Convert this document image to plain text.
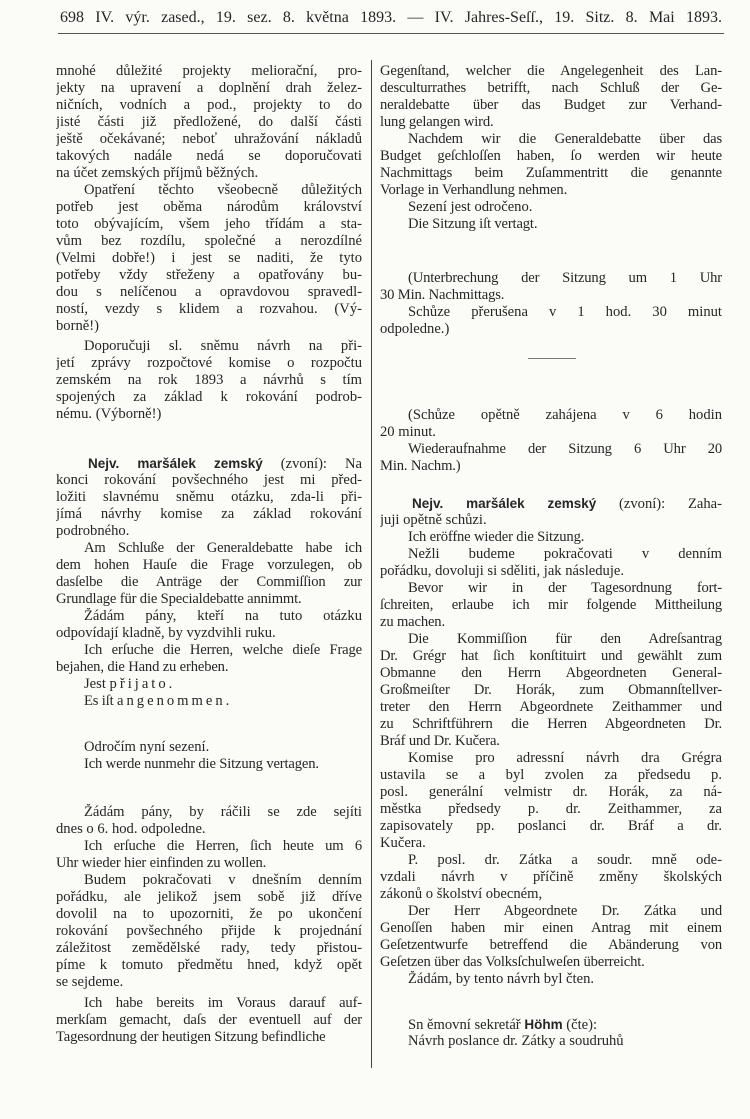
698 IV. výr. zased., 19. sez. 8. května 1893. — IV. Jahres-Seſſ., 19. Sitz. 8. Mai 1893.
mnohé důležité projekty meliorační, pro-
jekty na upravení a doplnění drah želez-
ničních, vodních a pod., projekty to do
jisté části již předložené, do další části
ještě očekávané; neboť uhražování nákladů
takových nadále nedá se doporučovati
na účet zemských příjmů běžných.
Opatření těchto všeobecně důležitých
potřeb jest oběma národům království
toto obývajícím, všem jeho třídám a sta-
vům bez rozdílu, společné a nerozdílné
(Velmi dobře!) i jest se naditi, že tyto
potřeby vždy střeženy a opatřovány bu-
dou s nelíčenou a opravdovou spravedl-
ností, vezdy s klidem a rozvahou. (Vý-
borně!)
Doporučuji sl. sněmu návrh na při-
jetí zprávy rozpočtové komise o rozpočtu
zemském na rok 1893 a návrhů s tím
spojených za základ k rokování podrob-
nému. (Výborně!)
Nejv. maršálek zemský (zvoní): Na
konci rokování povšechného jest mi před-
ložiti slavnému sněmu otázku, zda-li při-
jímá návrhy komise za základ rokování
podrobného.
Am Schluße der Generaldebatte habe ich
dem hohen Hauſe die Frage vorzulegen, ob
dasſelbe die Anträge der Commiſſion zur
Grundlage für die Specialdebatte annimmt.
Žádám pány, kteří na tuto otázku
odpovídají kladně, by vyzdvihli ruku.
Ich erſuche die Herren, welche dieſe Frage
bejahen, die Hand zu erheben.
Jest přijato.
Es iſt angenommen.
Odročím nyní sezení.
Ich werde nunmehr die Sitzung vertagen.
Žádám pány, by ráčili se zde sejíti
dnes o 6. hod. odpoledne.
Ich erſuche die Herren, ſich heute um 6
Uhr wieder hier einfinden zu wollen.
Budem pokračovati v dnešním denním
pořádku, ale jelikož jsem sobě již dříve
dovolil na to upozorniti, že po ukončení
rokování povšechného přijde k projednání
záležitost zemědělské rady, tedy přistou-
píme k tomuto předmětu hned, když opět
se sejdeme.
Ich habe bereits im Voraus darauf auf-
merkſam gemacht, daſs der eventuell auf der
Tagesordnung der heutigen Sitzung befindliche
Gegenſtand, welcher die Angelegenheit des Lan-
desculturrathes betrifft, nach Schluß der Ge-
neraldebatte über das Budget zur Verhand-
lung gelangen wird.
Nachdem wir die Generaldebatte über das
Budget geſchloſſen haben, ſo werden wir heute
Nachmittags beim Zuſammentritt die genannte
Vorlage in Verhandlung nehmen.
Sezení jest odročeno.
Die Sitzung iſt vertagt.
(Unterbrechung der Sitzung um 1 Uhr
30 Min. Nachmittags.
Schůze přerušena v 1 hod. 30 minut
odpoledne.)
(Schůze opětně zahájena v 6 hodin
20 minut.
Wiederaufnahme der Sitzung 6 Uhr 20
Min. Nachm.)
Nejv. maršálek zemský (zvoní): Zaha-
juji opětně schůzi.
Ich eröffne wieder die Sitzung.
Nežli budeme pokračovati v denním
pořádku, dovoluji si sděliti, jak následuje.
Bevor wir in der Tagesordnung fort-
ſchreiten, erlaube ich mir folgende Mittheilung
zu machen.
Die Kommiſſion für den Adreſsantrag
Dr. Grégr hat ſich konſtituirt und gewählt zum
Obmanne den Herrn Abgeordneten General-
Großmeiſter Dr. Horák, zum Obmannſtellver-
treter den Herrn Abgeordnete Zeithammer und
zu Schriftführern die Herren Abgeordneten Dr.
Bráf und Dr. Kučera.
Komise pro adressní návrh dra Grégra
ustavila se a byl zvolen za předsedu p.
posl. generální velmistr dr. Horák, za ná-
městka předsedy p. dr. Zeithammer, za
zapisovately pp. poslanci dr. Bráf a dr.
Kučera.
P. posl. dr. Zátka a soudr. mně ode-
vzdali návrh v příčině změny školských
zákonů o školství obecném,
Der Herr Abgeordnete Dr. Zátka und
Genoſſen haben mir einen Antrag mit einem
Geſetzentwurfe betreffend die Abänderung von
Geſetzen über das Volksſchulweſen überreicht.
Žádám, by tento návrh byl čten.
Sn ěmovní sekretář Höhm (čte):
Návrh poslance dr. Zátky a soudruhů
